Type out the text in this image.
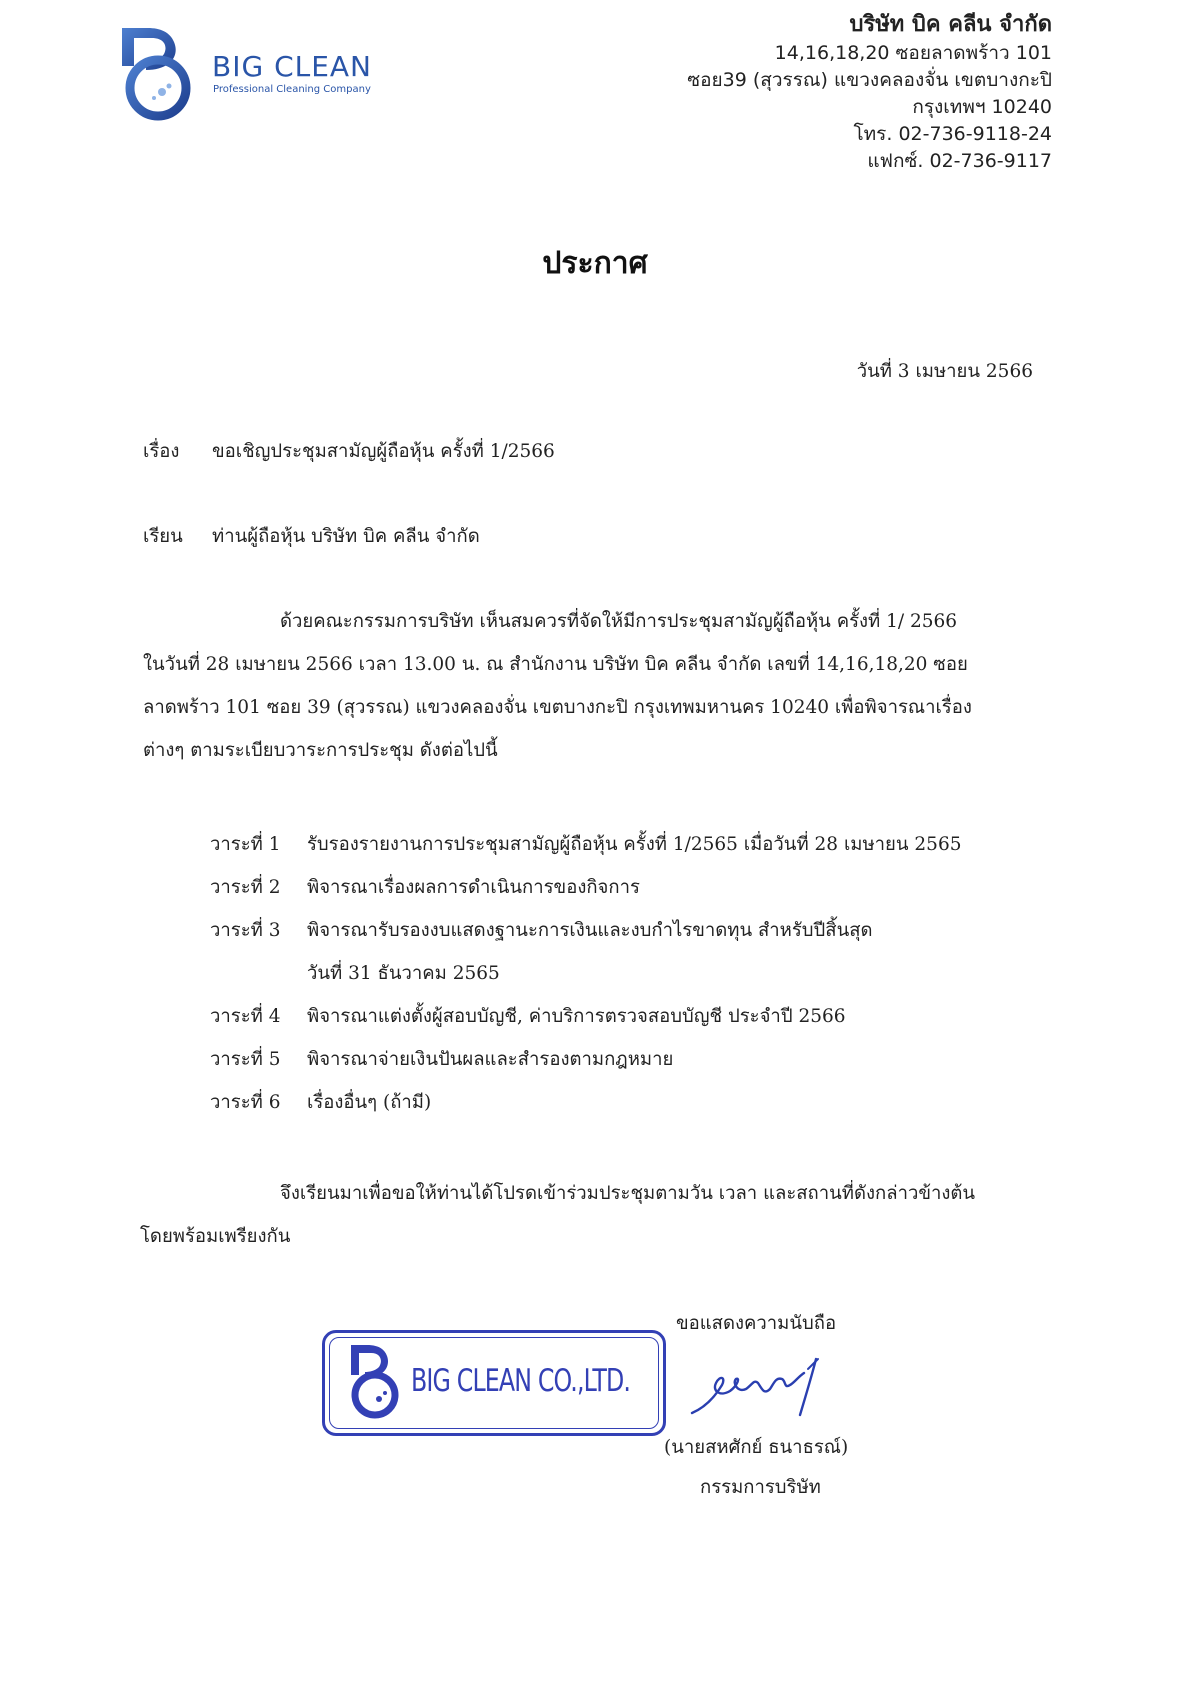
BIG CLEAN
Professional Cleaning Company
บริษัท บิค คลีน จำกัด
14,16,18,20 ซอยลาดพร้าว 101
ซอย39 (สุวรรณ) แขวงคลองจั่น เขตบางกะปิ
กรุงเทพฯ 10240
โทร. 02-736-9118-24
แฟกซ์. 02-736-9117
ประกาศ
วันที่ 3 เมษายน 2566
เรื่อง ขอเชิญประชุมสามัญผู้ถือหุ้น ครั้งที่ 1/2566
เรียน ท่านผู้ถือหุ้น บริษัท บิค คลีน จำกัด
ด้วยคณะกรรมการบริษัท เห็นสมควรที่จัดให้มีการประชุมสามัญผู้ถือหุ้น ครั้งที่ 1/ 2566
ในวันที่ 28 เมษายน 2566 เวลา 13.00 น. ณ สำนักงาน บริษัท บิค คลีน จำกัด เลขที่ 14,16,18,20 ซอย
ลาดพร้าว 101 ซอย 39 (สุวรรณ) แขวงคลองจั่น เขตบางกะปิ กรุงเทพมหานคร 10240 เพื่อพิจารณาเรื่อง
ต่างๆ ตามระเบียบวาระการประชุม ดังต่อไปนี้
วาระที่ 1 รับรองรายงานการประชุมสามัญผู้ถือหุ้น ครั้งที่ 1/2565 เมื่อวันที่ 28 เมษายน 2565
วาระที่ 2 พิจารณาเรื่องผลการดำเนินการของกิจการ
วาระที่ 3 พิจารณารับรองงบแสดงฐานะการเงินและงบกำไรขาดทุน สำหรับปีสิ้นสุด
วันที่ 31 ธันวาคม 2565
วาระที่ 4 พิจารณาแต่งตั้งผู้สอบบัญชี, ค่าบริการตรวจสอบบัญชี ประจำปี 2566
วาระที่ 5 พิจารณาจ่ายเงินปันผลและสำรองตามกฎหมาย
วาระที่ 6 เรื่องอื่นๆ (ถ้ามี)
จึงเรียนมาเพื่อขอให้ท่านได้โปรดเข้าร่วมประชุมตามวัน เวลา และสถานที่ดังกล่าวข้างต้น
โดยพร้อมเพรียงกัน
ขอแสดงความนับถือ
BIG CLEAN CO.,LTD.
(นายสหศักย์ ธนาธรณ์)
กรรมการบริษัท
